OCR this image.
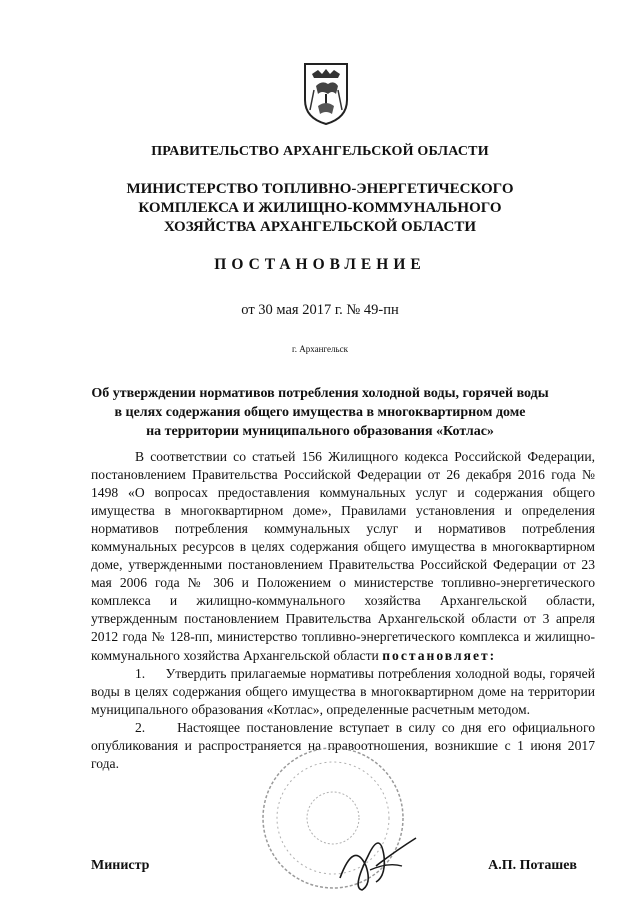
ПРАВИТЕЛЬСТВО АРХАНГЕЛЬСКОЙ ОБЛАСТИ
МИНИСТЕРСТВО ТОПЛИВНО-ЭНЕРГЕТИЧЕСКОГО
КОМПЛЕКСА И ЖИЛИЩНО-КОММУНАЛЬНОГО
ХОЗЯЙСТВА АРХАНГЕЛЬСКОЙ ОБЛАСТИ
ПОСТАНОВЛЕНИЕ
от 30 мая 2017 г. № 49-пн
г. Архангельск
Об утверждении нормативов потребления холодной воды, горячей воды
в целях содержания общего имущества в многоквартирном доме
на территории муниципального образования «Котлас»

В соответствии со статьей 156 Жилищного кодекса Российской Федерации, постановлением Правительства Российской Федерации от 26 декабря 2016 года № 1498 «О вопросах предоставления коммунальных услуг и содержания общего имущества в многоквартирном доме», Правилами установления и определения нормативов потребления коммунальных услуг и нормативов потребления коммунальных ресурсов в целях содержания общего имущества в многоквартирном доме, утвержденными постановлением Правительства Российской Федерации от 23 мая 2006 года № 306 и Положением о министерстве топливно-энергетического комплекса и жилищно-коммунального хозяйства Архангельской области, утвержденным постановлением Правительства Архангельской области от 3 апреля 2012 года № 128-пп, министерство топливно-энергетического комплекса и жилищно-коммунального хозяйства Архангельской области постановляет:

1.     Утвердить прилагаемые нормативы потребления холодной воды, горячей воды в целях содержания общего имущества в многоквартирном доме на территории муниципального образования «Котлас», определенные расчетным методом.

2.     Настоящее постановление вступает в силу со дня его официального опубликования и распространяется на правоотношения, возникшие с 1 июня 2017 года.

Министр	А.П. Поташев
